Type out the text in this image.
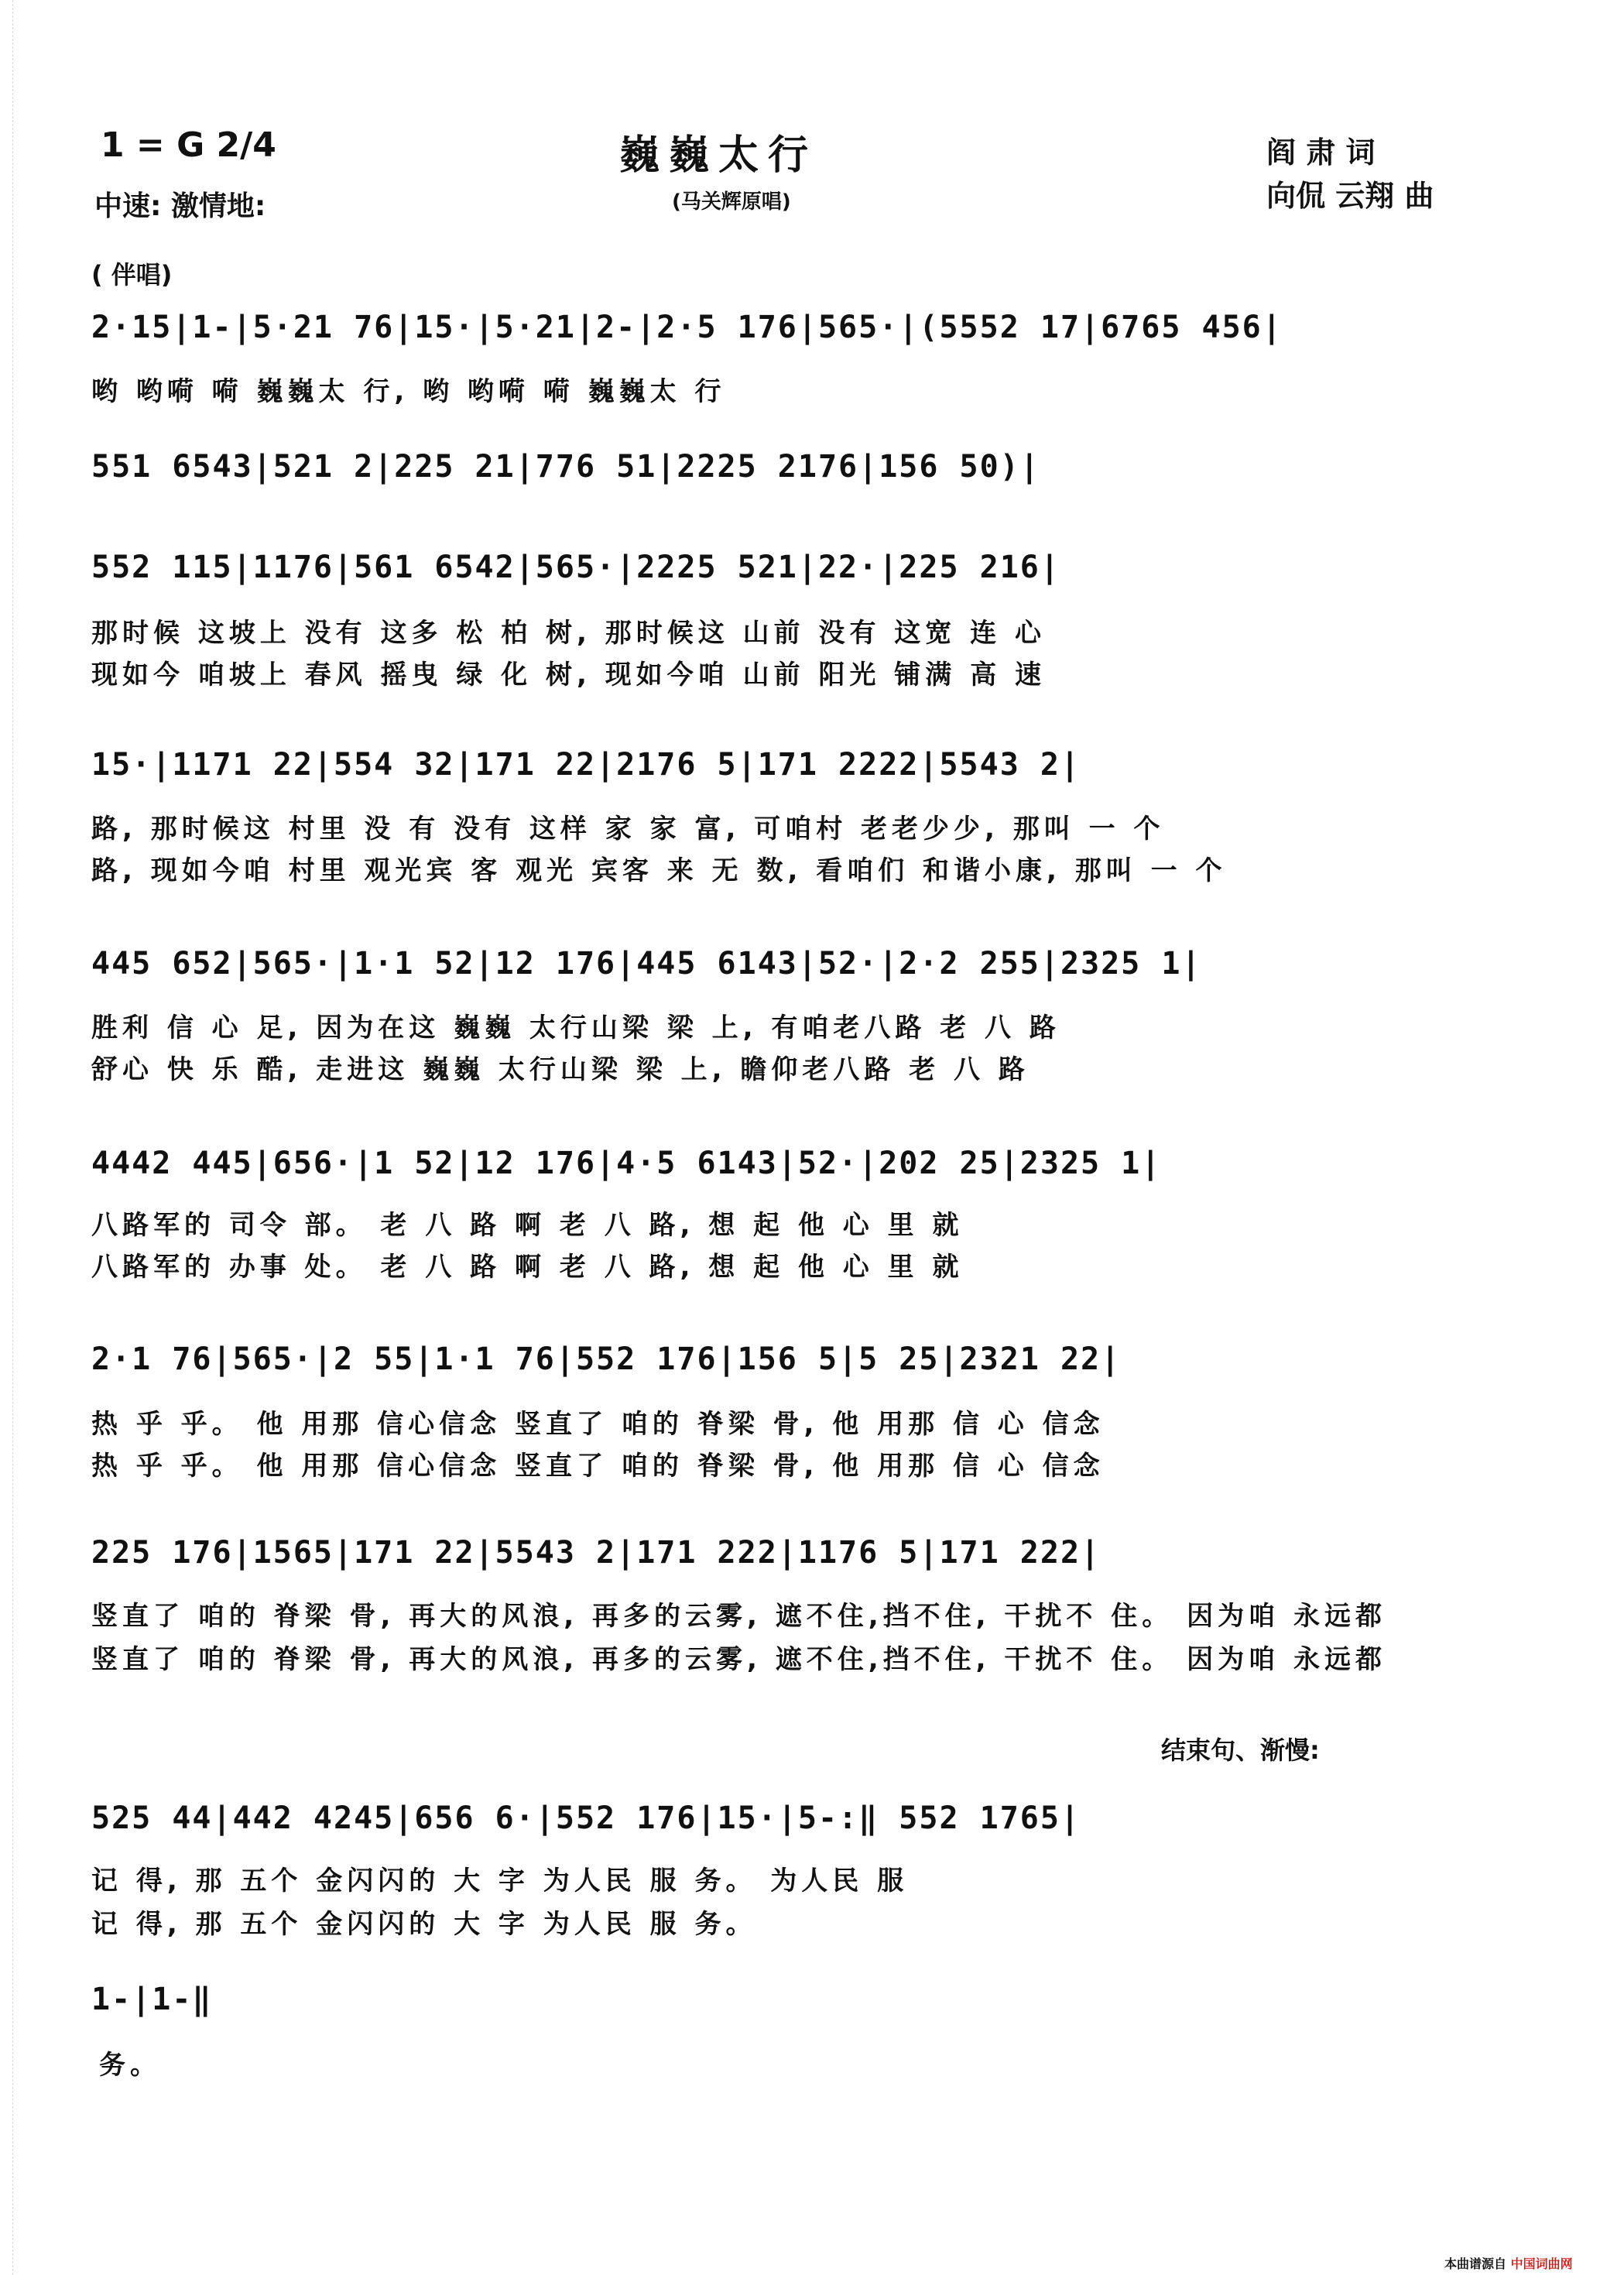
1 = G 2/4
中速: 激情地:
巍巍太行
(马关辉原唱)
阎 肃 词
向侃 云翔 曲
( 伴唱)
2·15|1-|5·21 76|15·|5·21|2-|2·5 176|565·|(5552 17|6765 456|
哟 哟嗬 嗬 巍巍太 行, 哟 哟嗬 嗬 巍巍太 行
551 6543|521 2|225 21|776 51|2225 2176|156 50)|
552 115|1176|561 6542|565·|2225 521|22·|225 216|
那时候 这坡上 没有 这多 松 柏 树, 那时候这 山前 没有 这宽 连 心
现如今 咱坡上 春风 摇曳 绿 化 树, 现如今咱 山前 阳光 铺满 高 速
15·|1171 22|554 32|171 22|2176 5|171 2222|5543 2|
路, 那时候这 村里 没 有 没有 这样 家 家 富, 可咱村 老老少少, 那叫 一 个
路, 现如今咱 村里 观光宾 客 观光 宾客 来 无 数, 看咱们 和谐小康, 那叫 一 个
445 652|565·|1·1 52|12 176|445 6143|52·|2·2 255|2325 1|
胜利 信 心 足, 因为在这 巍巍 太行山梁 梁 上, 有咱老八路 老 八 路
舒心 快 乐 酷, 走进这 巍巍 太行山梁 梁 上, 瞻仰老八路 老 八 路
4442 445|656·|1 52|12 176|4·5 6143|52·|202 25|2325 1|
八路军的 司令 部。 老 八 路 啊 老 八 路, 想 起 他 心 里 就
八路军的 办事 处。 老 八 路 啊 老 八 路, 想 起 他 心 里 就
2·1 76|565·|2 55|1·1 76|552 176|156 5|5 25|2321 22|
热 乎 乎。 他 用那 信心信念 竖直了 咱的 脊梁 骨, 他 用那 信 心 信念
热 乎 乎。 他 用那 信心信念 竖直了 咱的 脊梁 骨, 他 用那 信 心 信念
225 176|1565|171 22|5543 2|171 222|1176 5|171 222|
竖直了 咱的 脊梁 骨, 再大的风浪, 再多的云雾, 遮不住,挡不住, 干扰不 住。 因为咱 永远都
竖直了 咱的 脊梁 骨, 再大的风浪, 再多的云雾, 遮不住,挡不住, 干扰不 住。 因为咱 永远都
结束句、渐慢:
525 44|442 4245|656 6·|552 176|15·|5-:‖ 552 1765|
记 得, 那 五个 金闪闪的 大 字 为人民 服 务。 为人民 服
记 得, 那 五个 金闪闪的 大 字 为人民 服 务。
1-|1-‖
务。
本曲谱源自 中国词曲网
